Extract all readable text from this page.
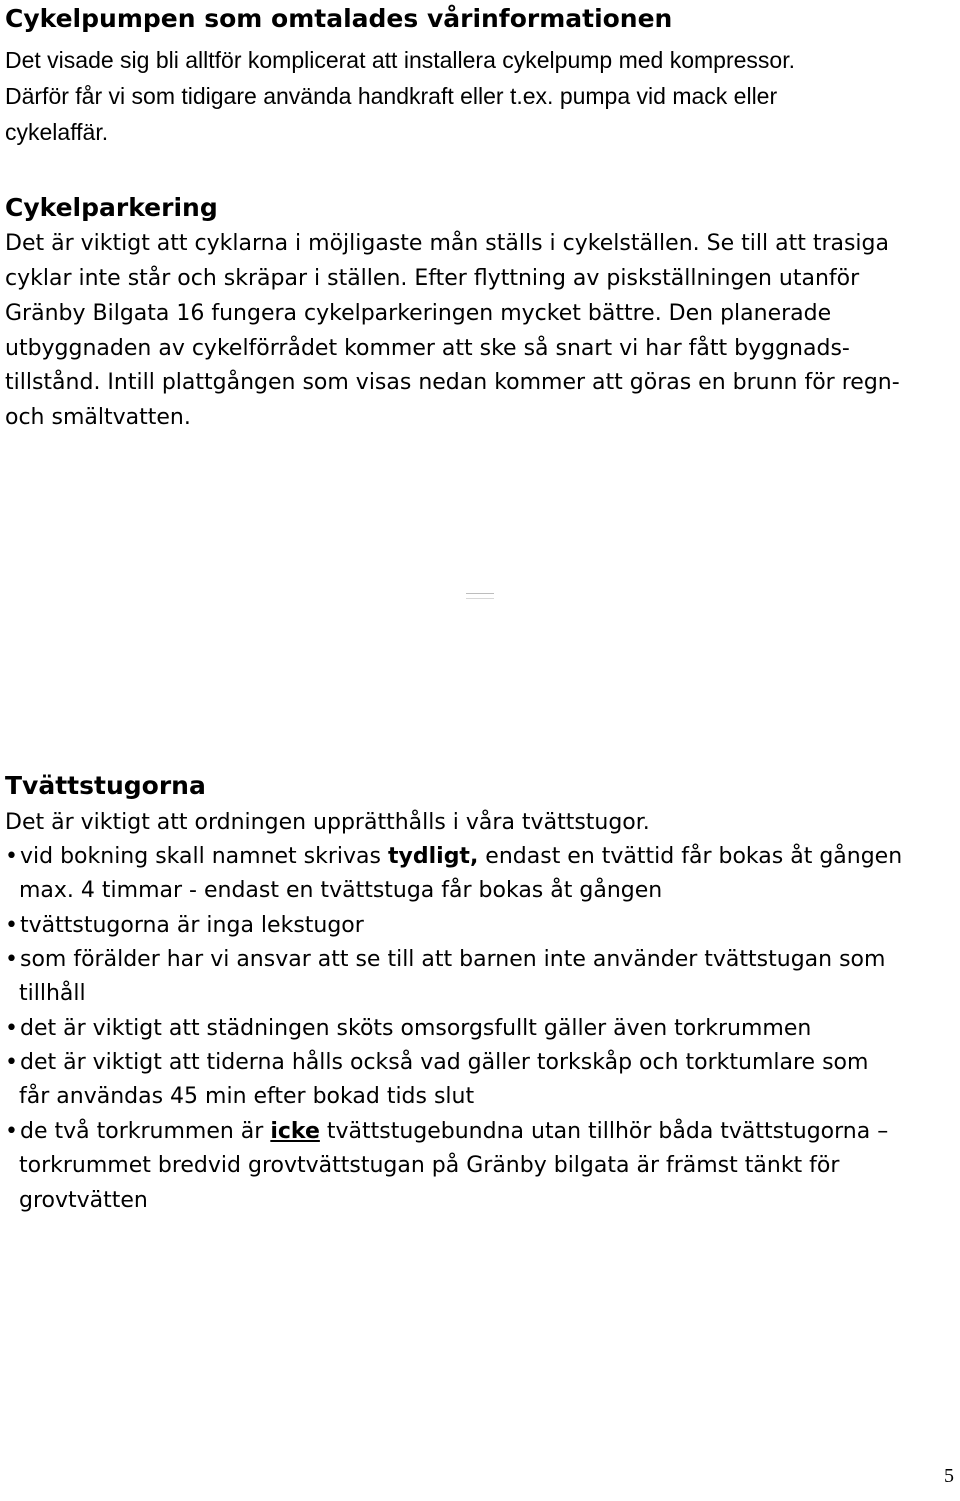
Cykelpumpen som omtalades vårinformationen

Det visade sig bli alltför komplicerat att installera cykelpump med kompressor.

Därför får vi som tidigare använda handkraft eller t.ex. pumpa vid mack eller

cykelaffär.

Cykelparkering

Det är viktigt att cyklarna i möjligaste mån ställs i cykelställen. Se till att trasiga

cyklar inte står och skräpar i ställen. Efter flyttning av piskställningen utanför

Gränby Bilgata 16 fungera cykelparkeringen mycket bättre. Den planerade

utbyggnaden av cykelförrådet kommer att ske så snart vi har fått byggnads-

tillstånd. Intill plattgången som visas nedan kommer att göras en brunn för regn-

och smältvatten.

Tvättstugorna

Det är viktigt att ordningen upprätthålls i våra tvättstugor.

•vid bokning skall namnet skrivas tydligt, endast en tvättid får bokas åt gången

max. 4 timmar - endast en tvättstuga får bokas åt gången

•tvättstugorna är inga lekstugor

•som förälder har vi ansvar att se till att barnen inte använder tvättstugan som

tillhåll

•det är viktigt att städningen sköts omsorgsfullt gäller även torkrummen

•det är viktigt att tiderna hålls också vad gäller torkskåp och torktumlare som

får användas 45 min efter bokad tids slut

•de två torkrummen är icke tvättstugebundna utan tillhör båda tvättstugorna –

torkrummet bredvid grovtvättstugan på Gränby bilgata är främst tänkt för

grovtvätten

5
